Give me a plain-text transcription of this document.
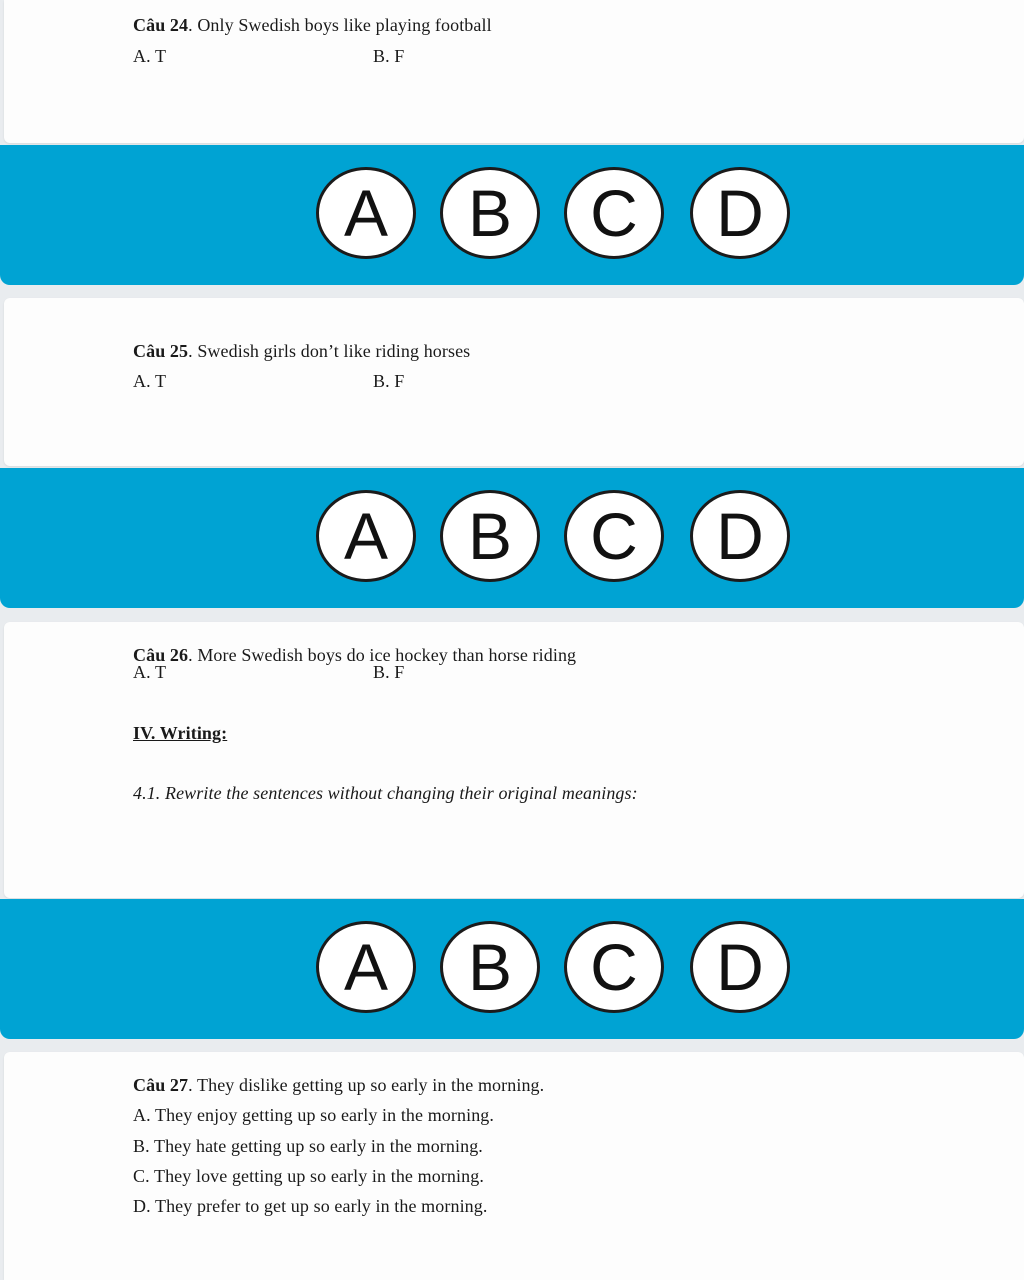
Câu 24. Only Swedish boys like playing football
A. T	B. F
A	B	C	D
Câu 25. Swedish girls don’t like riding horses
A. T	B. F
A	B	C	D
Câu 26. More Swedish boys do ice hockey than horse riding
A. T	B. F
IV. Writing:
4.1. Rewrite the sentences without changing their original meanings:
A	B	C	D
Câu 27. They dislike getting up so early in the morning.
A. They enjoy getting up so early in the morning.
B. They hate getting up so early in the morning.
C. They love getting up so early in the morning.
D. They prefer to get up so early in the morning.
